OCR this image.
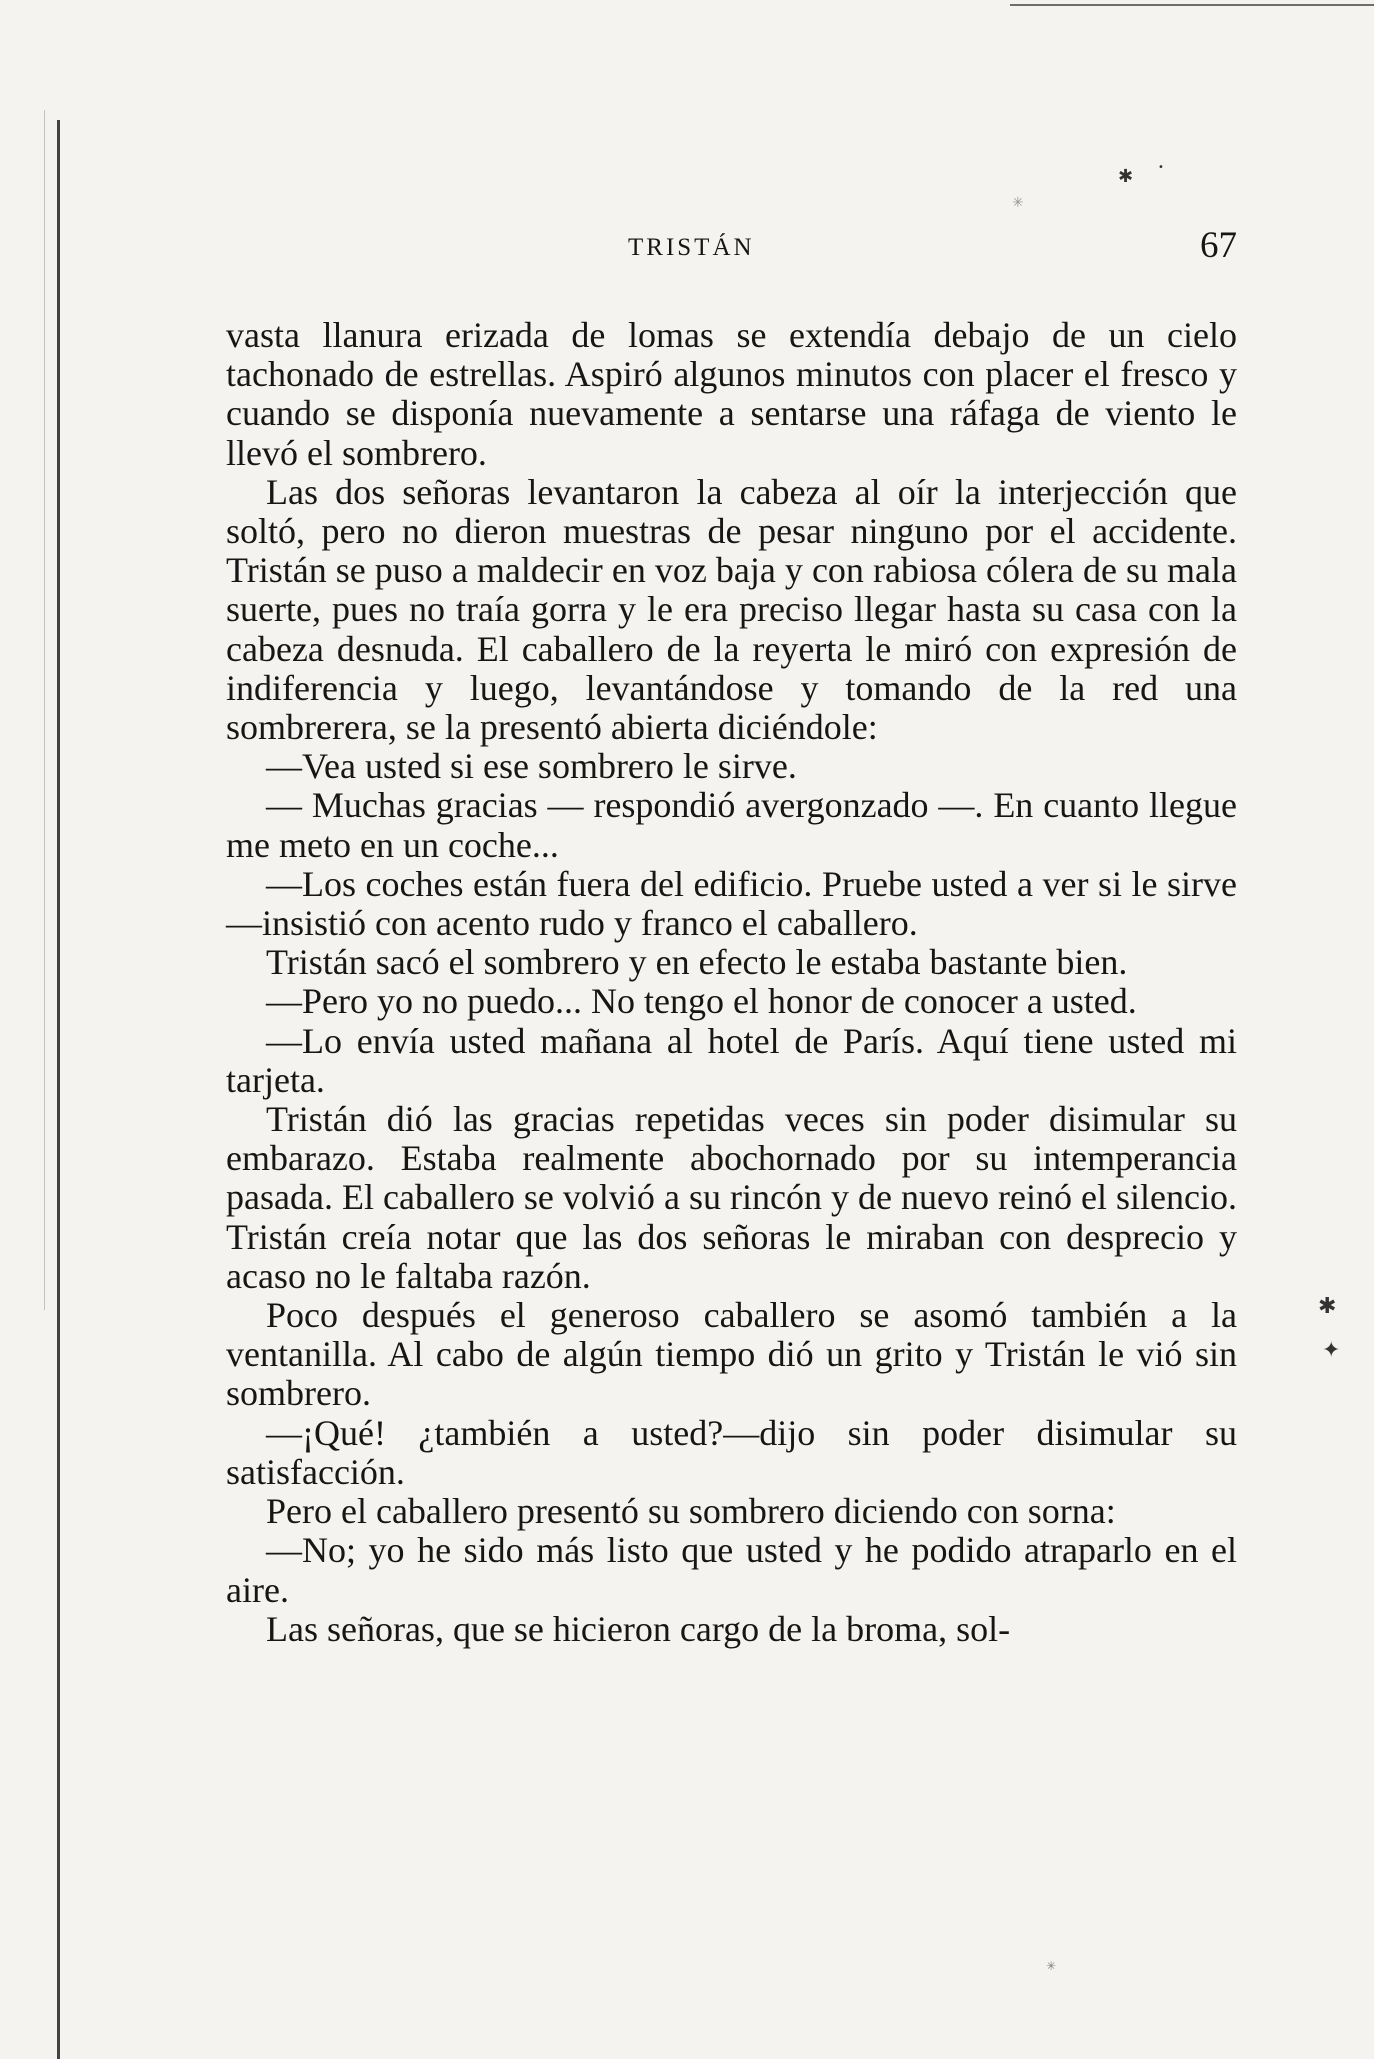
✱ •
✳
✱
✦
✳
TRISTÁN	67

vasta llanura erizada de lomas se extendía debajo de un cielo tachonado de estrellas. Aspiró algunos minutos con placer el fresco y cuando se disponía nuevamente a sentarse una ráfaga de viento le llevó el sombrero.

Las dos señoras levantaron la cabeza al oír la interjección que soltó, pero no dieron muestras de pesar ninguno por el accidente. Tristán se puso a maldecir en voz baja y con rabiosa cólera de su mala suerte, pues no traía gorra y le era preciso llegar hasta su casa con la cabeza desnuda. El caballero de la reyerta le miró con expresión de indiferencia y luego, levantándose y tomando de la red una sombrerera, se la presentó abierta diciéndole:

—Vea usted si ese sombrero le sirve.

— Muchas gracias — respondió avergonzado —. En cuanto llegue me meto en un coche...

—Los coches están fuera del edificio. Pruebe usted a ver si le sirve—insistió con acento rudo y franco el caballero.

Tristán sacó el sombrero y en efecto le estaba bastante bien.

—Pero yo no puedo... No tengo el honor de conocer a usted.

—Lo envía usted mañana al hotel de París. Aquí tiene usted mi tarjeta.

Tristán dió las gracias repetidas veces sin poder disimular su embarazo. Estaba realmente abochornado por su intemperancia pasada. El caballero se volvió a su rincón y de nuevo reinó el silencio. Tristán creía notar que las dos señoras le miraban con desprecio y acaso no le faltaba razón.

Poco después el generoso caballero se asomó también a la ventanilla. Al cabo de algún tiempo dió un grito y Tristán le vió sin sombrero.

—¡Qué! ¿también a usted?—dijo sin poder disimular su satisfacción.

Pero el caballero presentó su sombrero diciendo con sorna:

—No; yo he sido más listo que usted y he podido atraparlo en el aire.

Las señoras, que se hicieron cargo de la broma, sol-
